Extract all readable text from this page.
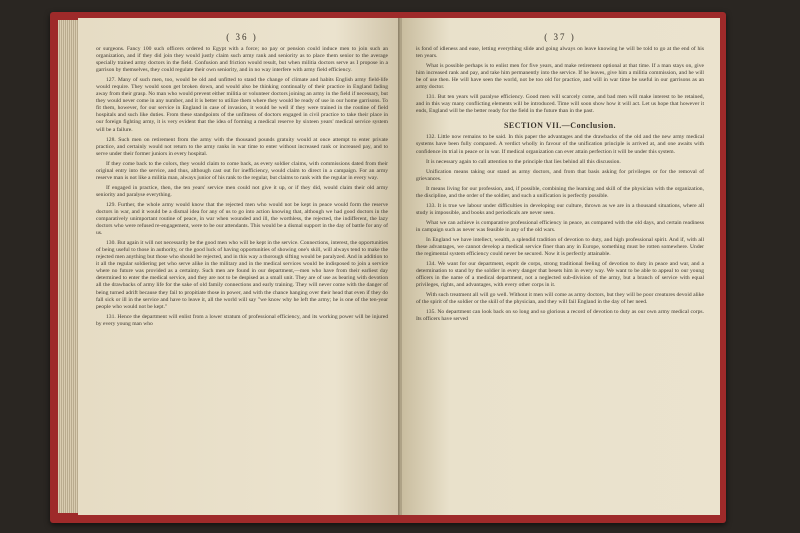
( 36 )

or surgeons. Fancy 100 such officers ordered to Egypt with a force; no pay or pension could induce men to join such an organization, and if they did join they would justly claim such army rank and seniority as to place them senior to the average specially trained army doctors in the field. Confusion and friction would result, but when militia doctors serve as I propose in a garrison by themselves, they could regulate their own seniority, and in no way interfere with army field efficiency.

127. Many of such men, too, would be old and unfitted to stand the change of climate and habits English army field-life would require. They would soon get broken down, and would also be thinking continually of their practice in England fading away from their grasp. No man who would prevent either militia or volunteer doctors joining an army in the field if necessary, but they would never come in any number, and it is better to utilize them where they would be ready of use in our home garrisons. To fit them, however, for our service in England in case of invasion, it would be well if they were trained in the routine of field hospitals and such like duties. From these standpoints of the unfitness of doctors engaged in civil practice to take their place in our foreign fighting army, it is very evident that the idea of forming a medical reserve by sixteen years' medical service system will be a failure.

128. Such men on retirement from the army with the thousand pounds gratuity would at once attempt to enter private practice, and certainly would not return to the army ranks in war time to enter without increased rank or increased pay, and to serve under their former juniors in every hospital.

If they come back to the colors, they would claim to come back, as every soldier claims, with commissions dated from their original entry into the service, and thus, although cast out for inefficiency, would claim to direct in a campaign. For an army reserve man is not like a militia man, always junior of his rank to the regular, but claims to rank with the regular in every way.

If engaged in practice, then, the ten years' service men could not give it up, or if they did, would claim their old army seniority and paralyse everything.

129. Further, the whole army would know that the rejected men who would not be kept in peace would form the reserve doctors in war, and it would be a dismal idea for any of us to go into action knowing that, although we had good doctors in the comparatively unimportant routine of peace, in war when wounded and ill, the worthless, the rejected, the indifferent, the lazy doctors who were refused re-engagement, were to be our attendants. This would be a dismal support in the day of battle for any of us.

130. But again it will not necessarily be the good men who will be kept in the service. Connections, interest, the opportunities of being useful to those in authority, or the good luck of having opportunities of showing one's skill, will always tend to make the rejected men anything but those who should be rejected, and in this way a thorough sifting would be paralyzed. And in addition to it all the regular soldiering pet who serve alike in the military and in the medical services would be indisposed to join a service where no future was provided as a certainty. Such men are found in our department,—men who have from their earliest day determined to enter the medical service, and they are not to be despised as a small unit. They are of use as bearing with devotion all the drawbacks of army life for the sake of old family connections and early training. They will never come with the danger of being turned adrift because they fail to propitiate those in power, and with the chance hanging over their head that even if they do fall sick or ill in the service and have to leave it, all the world will say "we know why he left the army; he is one of the ten-year people who would not be kept."

131. Hence the department will enlist from a lower stratum of professional efficiency, and its working power will be injured by every young man who

( 37 )

is fond of idleness and ease, letting everything slide and going always on leave knowing he will be told to go at the end of his ten years.

What is possible perhaps is to enlist men for five years, and make retirement optional at that time. If a man stays on, give him increased rank and pay, and take him permanently into the service. If he leaves, give him a militia commission, and he will be of use then. He will have seen the world, not be too old for practice, and will in war time be useful in our garrisons as an army doctor.

131. But ten years will paralyse efficiency. Good men will scarcely come, and bad men will make interest to be retained, and in this way many conflicting elements will be introduced. Time will soon show how it will act. Let us hope that however it ends, England will be the better ready for the field in the future than in the past.

SECTION VII.—Conclusion.

132. Little now remains to be said. In this paper the advantages and the drawbacks of the old and the new army medical systems have been fully compared. A verdict wholly in favour of the unification principle is arrived at, and one awaits with confidence its trial in peace or in war. If medical organization can ever attain perfection it will be under this system.

It is necessary again to call attention to the principle that lies behind all this discussion.

Unification means taking our stand as army doctors, and from that basis asking for privileges or for the removal of grievances.

It means living for our profession, and, if possible, combining the learning and skill of the physician with the organization, the discipline, and the order of the soldier, and such a unification is perfectly possible.

133. It is true we labour under difficulties in developing our culture, thrown as we are in a thousand situations, where all study is impossible, and books and periodicals are never seen.

What we can achieve is comparative professional efficiency in peace, as compared with the old days, and certain readiness in campaign such as never was feasible in any of the old wars.

In England we have intellect, wealth, a splendid tradition of devotion to duty, and high professional spirit. And if, with all these advantages, we cannot develop a medical service finer than any in Europe, something must be rotten somewhere. Under the regimental system efficiency could never be secured. Now it is perfectly attainable.

134. We want for our department, esprit de corps, strong traditional feeling of devotion to duty in peace and war, and a determination to stand by the soldier in every danger that besets him in every way. We want to be able to appeal to our young officers in the name of a medical department, not a neglected sub-division of the army, but a branch of service with equal privileges, rights, and advantages, with every other corps in it.

With such treatment all will go well. Without it men will come as army doctors, but they will be poor creatures devoid alike of the spirit of the soldier or the skill of the physician, and they will fail England in the day of her need.

135. No department can look back on so long and so glorious a record of devotion to duty as our own army medical corps. Its officers have served
